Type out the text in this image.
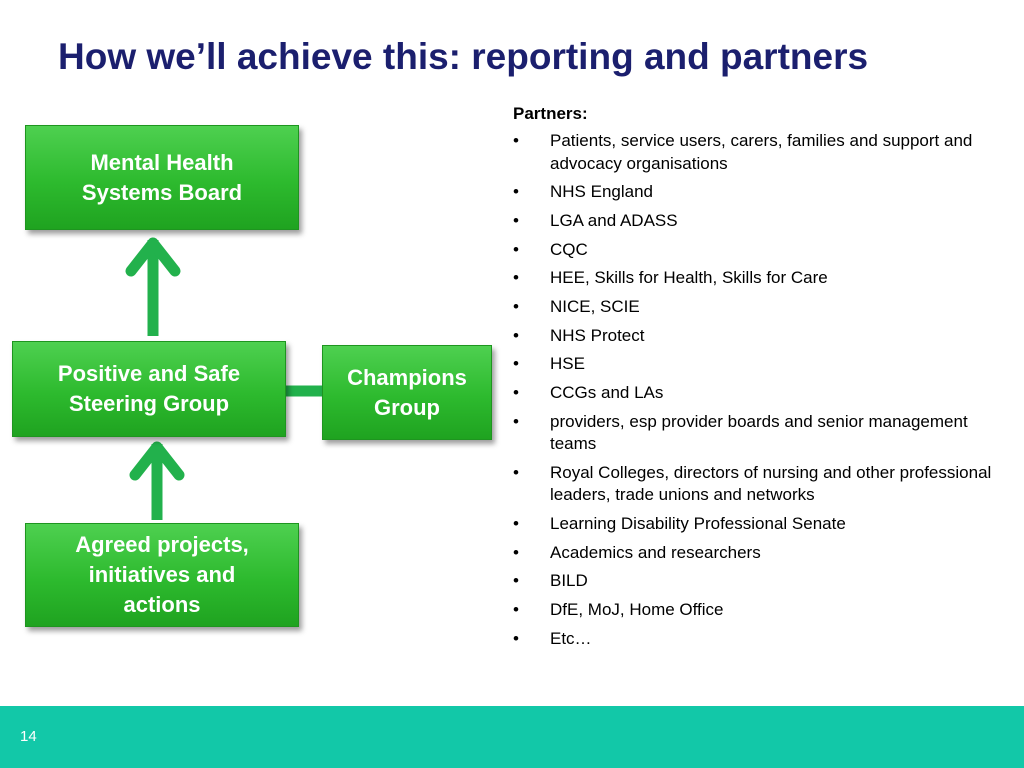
How we’ll achieve this: reporting and partners
Mental Health
Systems Board
Positive and Safe
Steering Group
Champions
Group
Agreed projects,
initiatives and
actions
Partners:
•	Patients, service users, carers, families and support and advocacy organisations
•	NHS England
•	LGA and ADASS
•	CQC
•	HEE, Skills for Health, Skills for Care
•	NICE, SCIE
•	NHS Protect
•	HSE
•	CCGs and LAs
•	providers, esp provider boards and senior management teams
•	Royal Colleges, directors of nursing and other professional leaders, trade unions and networks
•	Learning Disability Professional Senate
•	Academics and researchers
•	BILD
•	DfE, MoJ, Home Office
•	Etc…
14
